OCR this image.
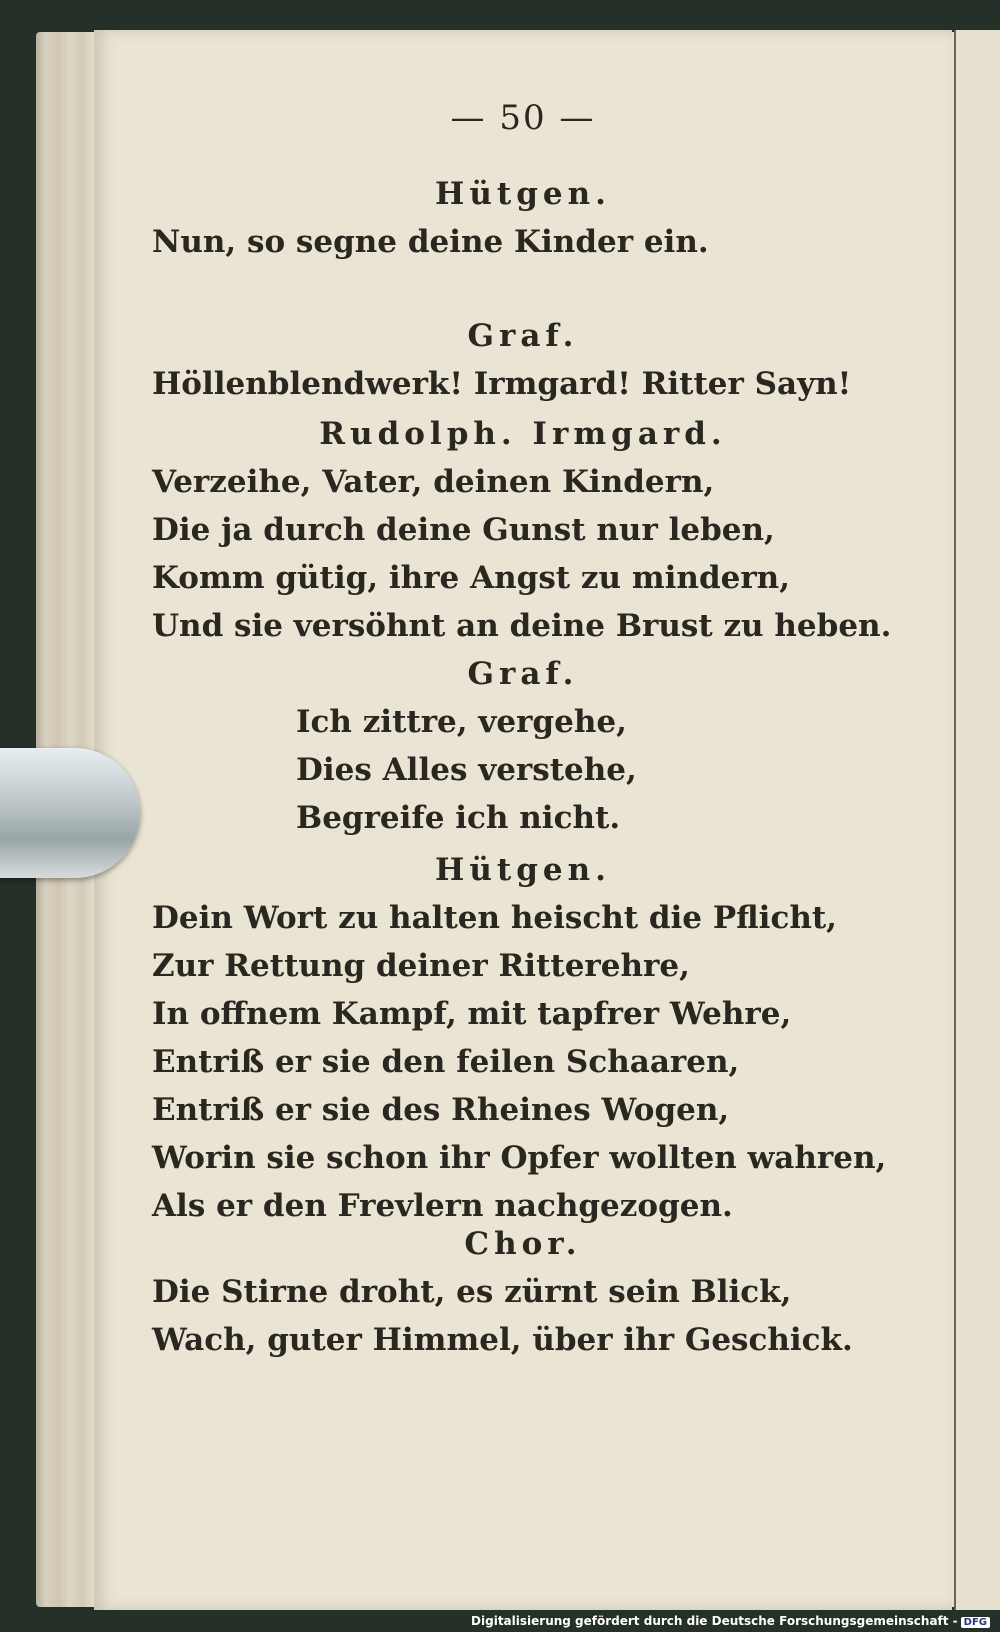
— 50 —
Hütgen.
Nun, so segne deine Kinder ein.
Graf.
Höllenblendwerk! Irmgard! Ritter Sayn!
Rudolph. Irmgard.
Verzeihe, Vater, deinen Kindern,
Die ja durch deine Gunst nur leben,
Komm gütig, ihre Angst zu mindern,
Und sie versöhnt an deine Brust zu heben.
Graf.
Ich zittre, vergehe,
Dies Alles verstehe,
Begreife ich nicht.
Hütgen.
Dein Wort zu halten heischt die Pflicht,
Zur Rettung deiner Ritterehre,
In offnem Kampf, mit tapfrer Wehre,
Entriß er sie den feilen Schaaren,
Entriß er sie des Rheines Wogen,
Worin sie schon ihr Opfer wollten wahren,
Als er den Frevlern nachgezogen.
Chor.
Die Stirne droht, es zürnt sein Blick,
Wach, guter Himmel, über ihr Geschick.
Digitalisierung gefördert durch die Deutsche Forschungsgemeinschaft - DFG
